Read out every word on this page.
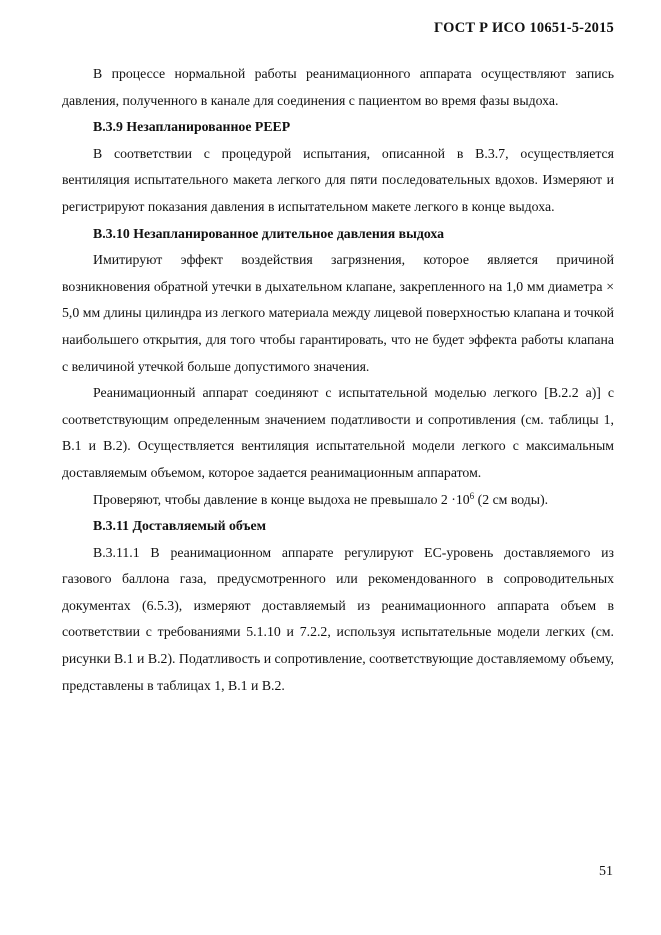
ГОСТ Р ИСО 10651-5-2015

В процессе нормальной работы реанимационного аппарата осуществляют запись давления, полученного в канале для соединения с пациентом во время фазы выдоха.

В.3.9 Незапланированное РЕЕР

В соответствии с процедурой испытания, описанной в В.3.7, осуществляется вентиляция испытательного макета легкого для пяти последовательных вдохов. Измеряют и регистрируют показания давления в испытательном макете легкого в конце выдоха.

В.3.10 Незапланированное длительное давления выдоха

Имитируют эффект воздействия загрязнения, которое является причиной возникновения обратной утечки в дыхательном клапане, закрепленного на 1,0 мм диаметра × 5,0 мм длины цилиндра из легкого материала между лицевой поверхностью клапана и точкой наибольшего открытия, для того чтобы гарантировать, что не будет эффекта работы клапана с величиной утечкой больше допустимого значения.

Реанимационный аппарат соединяют с испытательной моделью легкого [В.2.2 а)] с соответствующим определенным значением податливости и сопротивления (см. таблицы 1, В.1 и В.2). Осуществляется вентиляция испытательной модели легкого с максимальным доставляемым объемом, которое задается реанимационным аппаратом.

Проверяют, чтобы давление в конце выдоха не превышало $2 \cdot 10^6$ (2 см воды).

В.3.11 Доставляемый объем

В.3.11.1 В реанимационном аппарате регулируют ЕС-уровень доставляемого из газового баллона газа, предусмотренного или рекомендованного в сопроводительных документах (6.5.3), измеряют доставляемый из реанимационного аппарата объем в соответствии с требованиями 5.1.10 и 7.2.2, используя испытательные модели легких (см. рисунки В.1 и В.2). Податливость и сопротивление, соответствующие доставляемому объему, представлены в таблицах 1, В.1 и В.2.

51
